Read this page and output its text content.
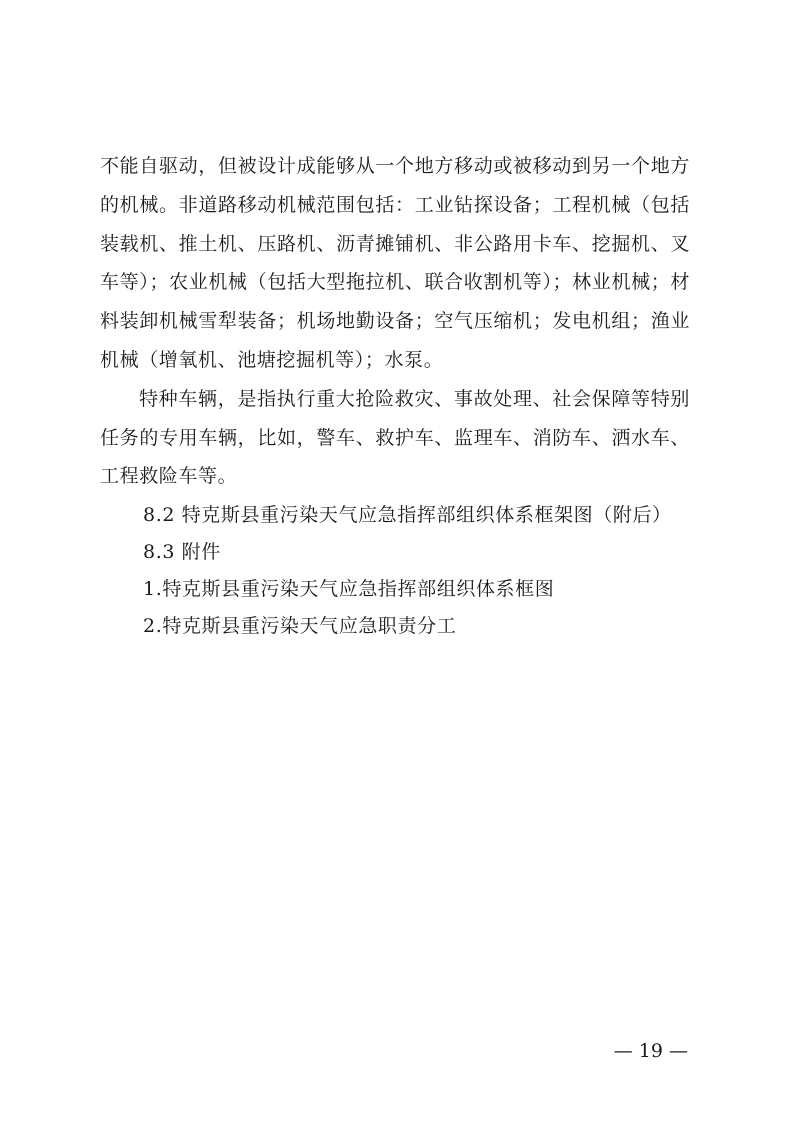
不能自驱动，但被设计成能够从一个地方移动或被移动到另一个地方的机械。非道路移动机械范围包括：工业钻探设备；工程机械（包括装载机、推土机、压路机、沥青摊铺机、非公路用卡车、挖掘机、叉车等）；农业机械（包括大型拖拉机、联合收割机等）；林业机械；材料装卸机械雪犁装备；机场地勤设备；空气压缩机；发电机组；渔业机械（增氧机、池塘挖掘机等）；水泵。

特种车辆，是指执行重大抢险救灾、事故处理、社会保障等特别任务的专用车辆，比如，警车、救护车、监理车、消防车、洒水车、工程救险车等。

8.2 特克斯县重污染天气应急指挥部组织体系框架图（附后）

8.3 附件

1.特克斯县重污染天气应急指挥部组织体系框图

2.特克斯县重污染天气应急职责分工

— 19 —
